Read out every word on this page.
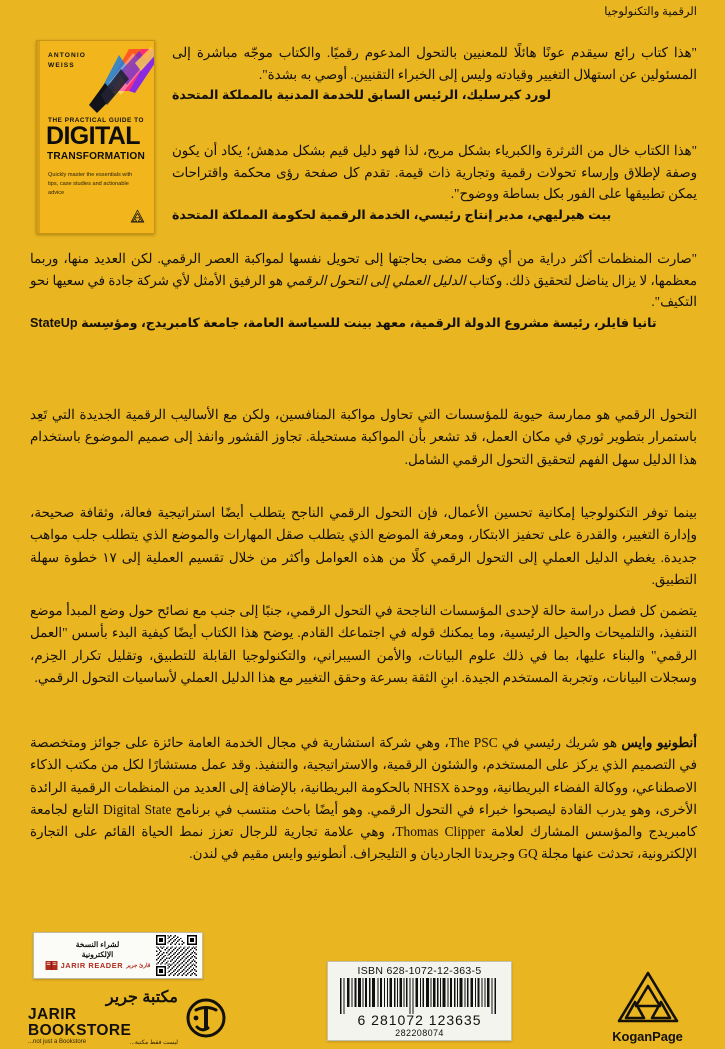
الرقمية والتكنولوجيا
ANTONIO
WEISS
THE PRACTICAL GUIDE TO
DIGITAL
TRANSFORMATION
Quickly master the essentials with tips, case studies and actionable advice
"هذا كتاب رائع سيقدم عونًا هائلًا للمعنيين بالتحول المدعوم رقميًا. والكتاب موجّه مباشرة إلى المسئولين عن استهلال التغيير وقيادته وليس إلى الخبراء التقنيين. أوصي به بشدة".
لورد كيرسليك، الرئيس السابق للخدمة المدنية بالمملكة المتحدة
"هذا الكتاب خال من الثرثرة والكبرياء بشكل مريح، لذا فهو دليل قيم بشكل مدهش؛ يكاد أن يكون وصفة لإطلاق وإرساء تحولات رقمية وتجارية ذات قيمة. تقدم كل صفحة رؤى محكمة واقتراحات يمكن تطبيقها على الفور بكل بساطة ووضوح".
بيت هيرليهي، مدير إنتاج رئيسي، الخدمة الرقمية لحكومة المملكة المتحدة
"صارت المنظمات أكثر دراية من أي وقت مضى بحاجتها إلى تحويل نفسها لمواكبة العصر الرقمي. لكن العديد منها، وربما معظمها، لا يزال يناضل لتحقيق ذلك. وكتاب الدليل العملي إلى التحول الرقمي هو الرفيق الأمثل لأي شركة جادة في سعيها نحو التكيف".
تانيا فايلر، رئيسة مشروع الدولة الرقمية، معهد بينت للسياسة العامة، جامعة كامبريدج، ومؤسِسة StateUp
التحول الرقمي هو ممارسة حيوية للمؤسسات التي تحاول مواكبة المنافسين، ولكن مع الأساليب الرقمية الجديدة التي تَعِد باستمرار بتطوير ثوري في مكان العمل، قد تشعر بأن المواكبة مستحيلة. تجاوز القشور وانفذ إلى صميم الموضوع باستخدام هذا الدليل سهل الفهم لتحقيق التحول الرقمي الشامل.
بينما توفر التكنولوجيا إمكانية تحسين الأعمال، فإن التحول الرقمي الناجح يتطلب أيضًا استراتيجية فعالة، وثقافة صحيحة، وإدارة التغيير، والقدرة على تحفيز الابتكار، ومعرفة الموضع الذي يتطلب صقل المهارات والموضع الذي يتطلب جلب مواهب جديدة. يغطي الدليل العملي إلى التحول الرقمي كلًا من هذه العوامل وأكثر من خلال تقسيم العملية إلى ١٧ خطوة سهلة التطبيق.
يتضمن كل فصل دراسة حالة لإحدى المؤسسات الناجحة في التحول الرقمي، جنبًا إلى جنب مع نصائح حول وضع المبدأ موضع التنفيذ، والتلميحات والحيل الرئيسية، وما يمكنك قوله في اجتماعك القادم. يوضح هذا الكتاب أيضًا كيفية البدء بأسس "العمل الرقمي" والبناء عليها، بما في ذلك علوم البيانات، والأمن السيبراني، والتكنولوجيا القابلة للتطبيق، وتقليل تكرار الحِزم، وسجلات البيانات، وتجربة المستخدم الجيدة. ابنِ الثقة بسرعة وحقق التغيير مع هذا الدليل العملي لأساسيات التحول الرقمي.
أنطونيو وايس هو شريك رئيسي في The PSC، وهي شركة استشارية في مجال الخدمة العامة حائزة على جوائز ومتخصصة في التصميم الذي يركز على المستخدم، والشئون الرقمية، والاستراتيجية، والتنفيذ. وقد عمل مستشارًا لكل من مكتب الذكاء الاصطناعي، ووكالة الفضاء البريطانية، ووحدة NHSX بالحكومة البريطانية، بالإضافة إلى العديد من المنظمات الرقمية الرائدة الأخرى، وهو يدرب القادة ليصبحوا خبراء في التحول الرقمي. وهو أيضًا باحث منتسب في برنامج Digital State التابع لجامعة كامبريدج والمؤسس المشارك لعلامة Thomas Clipper، وهي علامة تجارية للرجال تعزز نمط الحياة القائم على التجارة الإلكترونية، تحدثت عنها مجلة GQ وجريدتا الجارديان و التليجراف. أنطونيو وايس مقيم في لندن.
لشراء النسخة
الإلكترونية
قارئ جرير
JARIR READER
مكتبة جرير
JARIR BOOKSTORE
...not just a Bookstore	ليست فقط مكتبة...
ISBN 628-1072-12-363-5
6 281072 123635
282208074	KoganPage
